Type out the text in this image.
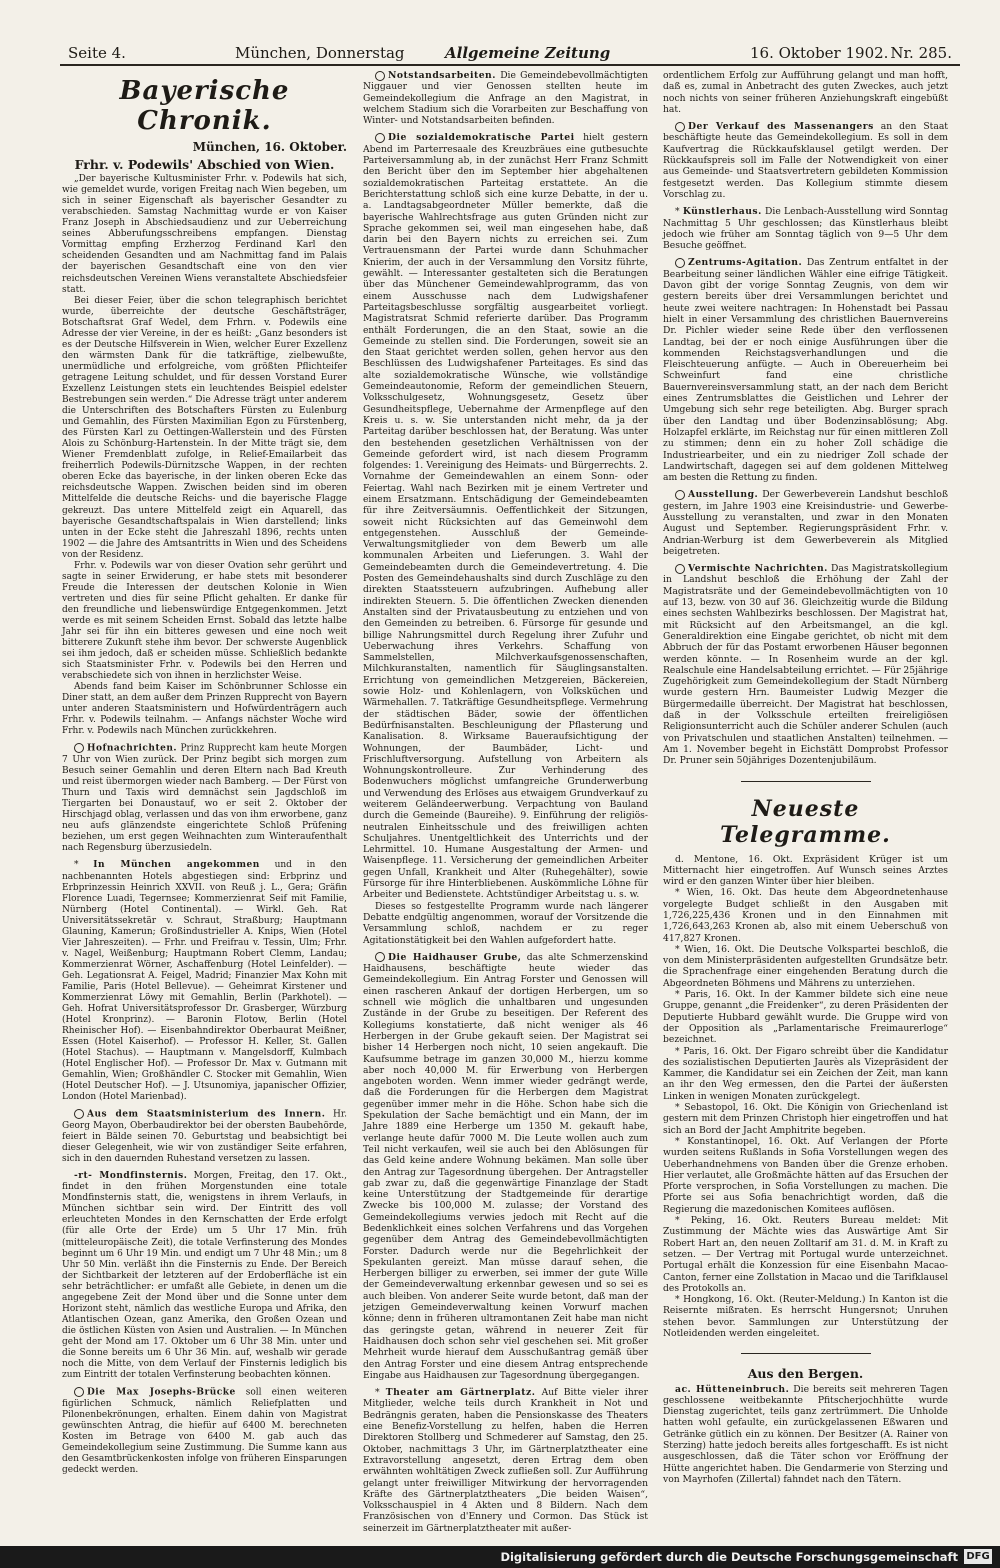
Seite 4.	München, Donnerstag	Allgemeine Zeitung	16. Oktober 1902. Nr. 285.
Bayerische Chronik.
München, 16. Oktober.
Frhr. v. Podewils' Abschied von Wien.

„Der bayerische Kultusminister Frhr. v. Podewils hat sich, wie gemeldet wurde, vorigen Freitag nach Wien begeben, um sich in seiner Eigenschaft als bayerischer Gesandter zu verabschieden. Samstag Nachmittag wurde er von Kaiser Franz Joseph in Abschiedsaudienz und zur Ueberreichung seines Abberufungsschreibens empfangen. Dienstag Vormittag empfing Erzherzog Ferdinand Karl den scheidenden Gesandten und am Nachmittag fand im Palais der bayerischen Gesandtschaft eine von den vier reichsdeutschen Vereinen Wiens veranstaltete Abschiedsfeier statt.

Bei dieser Feier, über die schon telegraphisch berichtet wurde, überreichte der deutsche Geschäftsträger, Botschaftsrat Graf Wedel, dem Frhrn. v. Podewils eine Adresse der vier Vereine, in der es heißt: „Ganz besonders ist es der Deutsche Hilfsverein in Wien, welcher Eurer Exzellenz den wärmsten Dank für die tatkräftige, zielbewußte, unermüdliche und erfolgreiche, vom größten Pflichteifer getragene Leitung schuldet, und für dessen Vorstand Eurer Exzellenz Leistungen stets ein leuchtendes Beispiel edelster Bestrebungen sein werden.“ Die Adresse trägt unter anderem die Unterschriften des Botschafters Fürsten zu Eulenburg und Gemahlin, des Fürsten Maximilian Egon zu Fürstenberg, des Fürsten Karl zu Oettingen-Wallerstein und des Fürsten Alois zu Schönburg-Hartenstein. In der Mitte trägt sie, dem Wiener Fremdenblatt zufolge, in Relief-Emailarbeit das freiherrlich Podewils-Dürnitzsche Wappen, in der rechten oberen Ecke das bayerische, in der linken oberen Ecke das reichsdeutsche Wappen. Zwischen beiden sind im oberen Mittelfelde die deutsche Reichs- und die bayerische Flagge gekreuzt. Das untere Mittelfeld zeigt ein Aquarell, das bayerische Gesandtschaftspalais in Wien darstellend; links unten in der Ecke steht die Jahreszahl 1896, rechts unten 1902 — die Jahre des Amtsantritts in Wien und des Scheidens von der Residenz.

Frhr. v. Podewils war von dieser Ovation sehr gerührt und sagte in seiner Erwiderung, er habe stets mit besonderer Freude die Interessen der deutschen Kolonie in Wien vertreten und dies für seine Pflicht gehalten. Er danke für den freundliche und liebenswürdige Entgegenkommen. Jetzt werde es mit seinem Scheiden Ernst. Sobald das letzte halbe Jahr sei für ihn ein bitteres gewesen und eine noch weit bitterere Zukunft stehe ihm bevor. Der schwerste Augenblick sei ihm jedoch, daß er scheiden müsse. Schließlich bedankte sich Staatsminister Frhr. v. Podewils bei den Herren und verabschiedete sich von ihnen in herzlichster Weise.

Abends fand beim Kaiser im Schönbrunner Schlosse ein Diner statt, an dem außer dem Prinzen Rupprecht von Bayern unter anderen Staatsministern und Hofwürdenträgern auch Frhr. v. Podewils teilnahm. — Anfangs nächster Woche wird Frhr. v. Podewils nach München zurückkehren.

Hofnachrichten. Prinz Rupprecht kam heute Morgen 7 Uhr von Wien zurück. Der Prinz begibt sich morgen zum Besuch seiner Gemahlin und deren Eltern nach Bad Kreuth und reist übermorgen wieder nach Bamberg. — Der Fürst von Thurn und Taxis wird demnächst sein Jagdschloß im Tiergarten bei Donaustauf, wo er seit 2. Oktober der Hirschjagd oblag, verlassen und das von ihm erworbene, ganz neu aufs glänzendste eingerichtete Schloß Prüfening beziehen, um erst gegen Weihnachten zum Winteraufenthalt nach Regensburg überzusiedeln.

* In München angekommen und in den nachbenannten Hotels abgestiegen sind: Erbprinz und Erbprinzessin Heinrich XXVII. von Reuß j. L., Gera; Gräfin Florence Luadi, Tegernsee; Kommerzienrat Seif mit Familie, Nürnberg (Hotel Continental). — Wirkl. Geh. Rat Universitätssekretär v. Schraut, Straßburg; Hauptmann Glauning, Kamerun; Großindustrieller A. Knips, Wien (Hotel Vier Jahreszeiten). — Frhr. und Freifrau v. Tessin, Ulm; Frhr. v. Nagel, Weißenburg; Hauptmann Robert Clemm, Landau; Kommerzienrat Wörner, Aschaffenburg (Hotel Leinfelder). — Geh. Legationsrat A. Feigel, Madrid; Finanzier Max Kohn mit Familie, Paris (Hotel Bellevue). — Geheimrat Kirstener und Kommerzienrat Löwy mit Gemahlin, Berlin (Parkhotel). — Geh. Hofrat Universitätsprofessor Dr. Grasberger, Würzburg (Hotel Kronprinz). — Baronin Flotow, Berlin (Hotel Rheinischer Hof). — Eisenbahndirektor Oberbaurat Meißner, Essen (Hotel Kaiserhof). — Professor H. Keller, St. Gallen (Hotel Stachus). — Hauptmann v. Mangelsdorff, Kulmbach (Hotel Englischer Hof). — Professor Dr. Max v. Gutmann mit Gemahlin, Wien; Großhändler C. Stocker mit Gemahlin, Wien (Hotel Deutscher Hof). — J. Utsunomiya, japanischer Offizier, London (Hotel Marienbad).

Aus dem Staatsministerium des Innern. Hr. Georg Mayon, Oberbaudirektor bei der obersten Baubehörde, feiert in Bälde seinen 70. Geburtstag und beabsichtigt bei dieser Gelegenheit, wie wir von zuständiger Seite erfahren, sich in den dauernden Ruhestand versetzen zu lassen.

-rt- Mondfinsternis. Morgen, Freitag, den 17. Okt., findet in den frühen Morgenstunden eine totale Mondfinsternis statt, die, wenigstens in ihrem Verlaufs, in München sichtbar sein wird. Der Eintritt des voll erleuchteten Mondes in den Kernschatten der Erde erfolgt (für alle Orte der Erde) um 5 Uhr 17 Min. früh (mitteleuropäische Zeit), die totale Verfinsterung des Mondes beginnt um 6 Uhr 19 Min. und endigt um 7 Uhr 48 Min.; um 8 Uhr 50 Min. verläßt ihn die Finsternis zu Ende. Der Bereich der Sichtbarkeit der letzteren auf der Erdoberfläche ist ein sehr beträchtlicher: er umfaßt alle Gebiete, in denen um die angegebene Zeit der Mond über und die Sonne unter dem Horizont steht, nämlich das westliche Europa und Afrika, den Atlantischen Ozean, ganz Amerika, den Großen Ozean und die östlichen Küsten von Asien und Australien. — In München geht der Mond am 17. Oktober um 6 Uhr 38 Min. unter und die Sonne bereits um 6 Uhr 36 Min. auf, weshalb wir gerade noch die Mitte, von dem Verlauf der Finsternis lediglich bis zum Eintritt der totalen Verfinsterung beobachten können.

Die Max Josephs-Brücke soll einen weiteren figürlichen Schmuck, nämlich Reliefplatten und Pilonenbekrönungen, erhalten. Einem dahin von Magistrat gewünschten Antrag, die hiefür auf 6400 M. berechneten Kosten im Betrage von 6400 M. gab auch das Gemeindekollegium seine Zustimmung. Die Summe kann aus den Gesamtbrückenkosten infolge von früheren Einsparungen gedeckt werden.

Notstandsarbeiten. Die Gemeindebevollmächtigten Niggauer und vier Genossen stellten heute im Gemeindekollegium die Anfrage an den Magistrat, in welchem Stadium sich die Vorarbeiten zur Beschaffung von Winter- und Notstandsarbeiten befinden.

Die sozialdemokratische Partei hielt gestern Abend im Parterresaale des Kreuzbräues eine gutbesuchte Parteiversammlung ab, in der zunächst Herr Franz Schmitt den Bericht über den im September hier abgehaltenen sozialdemokratischen Parteitag erstattete. An die Berichterstattung schloß sich eine kurze Debatte, in der u. a. Landtagsabgeordneter Müller bemerkte, daß die bayerische Wahlrechtsfrage aus guten Gründen nicht zur Sprache gekommen sei, weil man eingesehen habe, daß darin bei den Bayern nichts zu erreichen sei. Zum Vertrauensmann der Partei wurde dann Schuhmacher Knierim, der auch in der Versammlung den Vorsitz führte, gewählt. — Interessanter gestalteten sich die Beratungen über das Münchener Gemeindewahlprogramm, das von einem Ausschusse nach dem Ludwigshafener Parteitagsbeschlusse sorgfältig ausgearbeitet vorliegt. Magistratsrat Schmid referierte darüber. Das Programm enthält Forderungen, die an den Staat, sowie an die Gemeinde zu stellen sind. Die Forderungen, soweit sie an den Staat gerichtet werden sollen, gehen hervor aus den Beschlüssen des Ludwigshafener Parteitages. Es sind das alte sozialdemokratische Wünsche, wie vollständige Gemeindeautonomie, Reform der gemeindlichen Steuern, Volksschulgesetz, Wohnungsgesetz, Gesetz über Gesundheitspflege, Uebernahme der Armenpflege auf den Kreis u. s. w. Sie unterstanden nicht mehr, da ja der Parteitag darüber beschlossen hat, der Beratung. Was unter den bestehenden gesetzlichen Verhältnissen von der Gemeinde gefordert wird, ist nach diesem Programm folgendes: 1. Vereinigung des Heimats- und Bürgerrechts. 2. Vornahme der Gemeindewahlen an einem Sonn- oder Feiertag. Wahl nach Bezirken mit je einem Vertreter und einem Ersatzmann. Entschädigung der Gemeindebeamten für ihre Zeitversäumnis. Oeffentlichkeit der Sitzungen, soweit nicht Rücksichten auf das Gemeinwohl dem entgegenstehen. Ausschluß der Gemeinde-Verwaltungsmitglieder von dem Bewerb um alle kommunalen Arbeiten und Lieferungen. 3. Wahl der Gemeindebeamten durch die Gemeindevertretung. 4. Die Posten des Gemeindehaushalts sind durch Zuschläge zu den direkten Staatssteuern aufzubringen. Aufhebung aller indirekten Steuern. 5. Die öffentlichen Zwecken dienenden Anstalten sind der Privatausbeutung zu entziehen und von den Gemeinden zu betreiben. 6. Fürsorge für gesunde und billige Nahrungsmittel durch Regelung ihrer Zufuhr und Ueberwachung ihres Verkehrs. Schaffung von Sammelstellen, Milchverkaufsgenossenschaften, Milchkuranstalten, namentlich für Säuglingsanstalten. Errichtung von gemeindlichen Metzgereien, Bäckereien, sowie Holz- und Kohlenlagern, von Volksküchen und Wärmehallen. 7. Tatkräftige Gesundheitspflege. Vermehrung der städtischen Bäder, sowie der öffentlichen Bedürfnisanstalten. Beschleunigung der Pflasterung und Kanalisation. 8. Wirksame Baueraufsichtigung der Wohnungen, der Baumbäder, Licht- und Frischluftversorgung. Aufstellung von Arbeitern als Wohnungskontrolleure. Zur Verhinderung des Bodenwuchers möglichst umfangreiche Grunderwerbung und Verwendung des Erlöses aus etwaigem Grundverkauf zu weiterem Geländeerwerbung. Verpachtung von Bauland durch die Gemeinde (Baureihe). 9. Einführung der religiös-neutralen Einheitsschule und des freiwilligen achten Schuljahres. Unentgeltlichkeit des Unterrichts und der Lehrmittel. 10. Humane Ausgestaltung der Armen- und Waisenpflege. 11. Versicherung der gemeindlichen Arbeiter gegen Unfall, Krankheit und Alter (Ruhegehälter), sowie Fürsorge für ihre Hinterbliebenen. Auskömmliche Löhne für Arbeiter und Bedienstete. Achtstündiger Arbeitstag u. s. w.

Dieses so festgestellte Programm wurde nach längerer Debatte endgültig angenommen, worauf der Vorsitzende die Versammlung schloß, nachdem er zu reger Agitationstätigkeit bei den Wahlen aufgefordert hatte.

Die Haidhauser Grube, das alte Schmerzenskind Haidhausens, beschäftigte heute wieder das Gemeindekollegium. Ein Antrag Forster und Genossen will einen rascheren Ankauf der dortigen Herbergen, um so schnell wie möglich die unhaltbaren und ungesunden Zustände in der Grube zu beseitigen. Der Referent des Kollegiums konstatierte, daß nicht weniger als 46 Herbergen in der Grube gekauft seien. Der Magistrat sei bisher 14 Herbergen noch nicht, 10 seien angekauft. Die Kaufsumme betrage im ganzen 30,000 M., hierzu komme aber noch 40,000 M. für Erwerbung von Herbergen angeboten worden. Wenn immer wieder gedrängt werde, daß die Forderungen für die Herbergen dem Magistrat gegenüber immer mehr in die Höhe. Schon habe sich die Spekulation der Sache bemächtigt und ein Mann, der im Jahre 1889 eine Herberge um 1350 M. gekauft habe, verlange heute dafür 7000 M. Die Leute wollen auch zum Teil nicht verkaufen, weil sie auch bei den Ablösungen für das Geld keine andere Wohnung bekämen. Man solle über den Antrag zur Tagesordnung übergehen. Der Antragsteller gab zwar zu, daß die gegenwärtige Finanzlage der Stadt keine Unterstützung der Stadtgemeinde für derartige Zwecke bis 100,000 M. zulasse; der Vorstand des Gemeindekollegiums verwies jedoch mit Recht auf die Bedenklichkeit eines solchen Verfahrens und das Vorgehen gegenüber dem Antrag des Gemeindebevollmächtigten Forster. Dadurch werde nur die Begehrlichkeit der Spekulanten gereizt. Man müsse darauf sehen, die Herbergen billiger zu erwerben, sei immer der gute Wille der Gemeindeverwaltung erkennbar gewesen und so sei es auch bleiben. Von anderer Seite wurde betont, daß man der jetzigen Gemeindeverwaltung keinen Vorwurf machen könne; denn in früheren ultramontanen Zeit habe man nicht das geringste getan, während in neuerer Zeit für Haidhausen doch schon sehr viel geschehen sei. Mit großer Mehrheit wurde hierauf dem Ausschußantrag gemäß über den Antrag Forster und eine diesem Antrag entsprechende Eingabe aus Haidhausen zur Tagesordnung übergegangen.

* Theater am Gärtnerplatz. Auf Bitte vieler ihrer Mitglieder, welche teils durch Krankheit in Not und Bedrängnis geraten, haben die Pensionskasse des Theaters eine Benefiz-Vorstellung zu helfen, haben die Herren Direktoren Stollberg und Schmederer auf Samstag, den 25. Oktober, nachmittags 3 Uhr, im Gärtnerplatztheater eine Extravorstellung angesetzt, deren Ertrag dem oben erwähnten wohltätigen Zweck zufließen soll. Zur Aufführung gelangt unter freiwilliger Mitwirkung der hervorragenden Kräfte des Gärtnerplatztheaters „Die beiden Waisen“, Volksschauspiel in 4 Akten und 8 Bildern. Nach dem Französischen von d'Ennery und Cormon. Das Stück ist seinerzeit im Gärtnerplatztheater mit außer-

ordentlichem Erfolg zur Aufführung gelangt und man hofft, daß es, zumal in Anbetracht des guten Zweckes, auch jetzt noch nichts von seiner früheren Anziehungskraft eingebüßt hat.

Der Verkauf des Massenangers an den Staat beschäftigte heute das Gemeindekollegium. Es soll in dem Kaufvertrag die Rückkaufsklausel getilgt werden. Der Rückkaufspreis soll im Falle der Notwendigkeit von einer aus Gemeinde- und Staatsvertretern gebildeten Kommission festgesetzt werden. Das Kollegium stimmte diesem Vorschlag zu.

* Künstlerhaus. Die Lenbach-Ausstellung wird Sonntag Nachmittag 5 Uhr geschlossen; das Künstlerhaus bleibt jedoch wie früher am Sonntag täglich von 9—5 Uhr dem Besuche geöffnet.

Zentrums-Agitation. Das Zentrum entfaltet in der Bearbeitung seiner ländlichen Wähler eine eifrige Tätigkeit. Davon gibt der vorige Sonntag Zeugnis, von dem wir gestern bereits über drei Versammlungen berichtet und heute zwei weitere nachtragen: In Hohenstadt bei Passau hielt in einer Versammlung des christlichen Bauernvereins Dr. Pichler wieder seine Rede über den verflossenen Landtag, bei der er noch einige Ausführungen über die kommenden Reichstagsverhandlungen und die Fleischteuerung anfügte. — Auch in Obereuerheim bei Schweinfurt fand eine christliche Bauernvereinsversammlung statt, an der nach dem Bericht eines Zentrumsblattes die Geistlichen und Lehrer der Umgebung sich sehr rege beteiligten. Abg. Burger sprach über den Landtag und über Bodenzinsablösung; Abg. Holzapfel erklärte, im Reichstag nur für einen mittleren Zoll zu stimmen; denn ein zu hoher Zoll schädige die Industriearbeiter, und ein zu niedriger Zoll schade der Landwirtschaft, dagegen sei auf dem goldenen Mittelweg am besten die Rettung zu finden.

Ausstellung. Der Gewerbeverein Landshut beschloß gestern, im Jahre 1903 eine Kreisindustrie- und Gewerbe-Ausstellung zu veranstalten, und zwar in den Monaten August und September. Regierungspräsident Frhr. v. Andrian-Werburg ist dem Gewerbeverein als Mitglied beigetreten.

Vermischte Nachrichten. Das Magistratskollegium in Landshut beschloß die Erhöhung der Zahl der Magistratsräte und der Gemeindebevollmächtigten von 10 auf 13, bezw. von 30 auf 36. Gleichzeitig wurde die Bildung eines sechsten Wahlbezirks beschlossen. Der Magistrat hat, mit Rücksicht auf den Arbeitsmangel, an die kgl. Generaldirektion eine Eingabe gerichtet, ob nicht mit dem Abbruch der für das Postamt erworbenen Häuser begonnen werden könnte. — In Rosenheim wurde an der kgl. Realschule eine Handelsabteilung errichtet. — Für 25jährige Zugehörigkeit zum Gemeindekollegium der Stadt Nürnberg wurde gestern Hrn. Baumeister Ludwig Mezger die Bürgermedaille überreicht. Der Magistrat hat beschlossen, daß in der Volksschule erteilten freireligiösen Religionsunterricht auch die Schüler anderer Schulen (auch von Privatschulen und staatlichen Anstalten) teilnehmen. — Am 1. November begeht in Eichstätt Domprobst Professor Dr. Pruner sein 50jähriges Dozentenjubiläum.

Neueste Telegramme.

d. Mentone, 16. Okt. Expräsident Krüger ist um Mitternacht hier eingetroffen. Auf Wunsch seines Arztes wird er den ganzen Winter über hier bleiben.

* Wien, 16. Okt. Das heute dem Abgeordnetenhause vorgelegte Budget schließt in den Ausgaben mit 1,726,225,436 Kronen und in den Einnahmen mit 1,726,643,263 Kronen ab, also mit einem Ueberschuß von 417,827 Kronen.

* Wien, 16. Okt. Die Deutsche Volkspartei beschloß, die von dem Ministerpräsidenten aufgestellten Grundsätze betr. die Sprachenfrage einer eingehenden Beratung durch die Abgeordneten Böhmens und Mährens zu unterziehen.

* Paris, 16. Okt. In der Kammer bildete sich eine neue Gruppe, genannt „die Freidenker“, zu deren Präsidenten der Deputierte Hubbard gewählt wurde. Die Gruppe wird von der Opposition als „Parlamentarische Freimaurerloge“ bezeichnet.

* Paris, 16. Okt. Der Figaro schreibt über die Kandidatur des sozialistischen Deputierten Jaurès als Vizepräsident der Kammer, die Kandidatur sei ein Zeichen der Zeit, man kann an ihr den Weg ermessen, den die Partei der äußersten Linken in wenigen Monaten zurückgelegt.

* Sebastopol, 16. Okt. Die Königin von Griechenland ist gestern mit dem Prinzen Christoph hier eingetroffen und hat sich an Bord der Jacht Amphitrite begeben.

* Konstantinopel, 16. Okt. Auf Verlangen der Pforte wurden seitens Rußlands in Sofia Vorstellungen wegen des Ueberhandnehmens von Banden über die Grenze erhoben. Hier verlautet, alle Großmächte hätten auf das Ersuchen der Pforte versprochen, in Sofia Vorstellungen zu machen. Die Pforte sei aus Sofia benachrichtigt worden, daß die Regierung die mazedonischen Komitees auflösen.

* Peking, 16. Okt. Reuters Bureau meldet: Mit Zustimmung der Mächte wies das Auswärtige Amt Sir Robert Hart an, den neuen Zolltarif am 31. d. M. in Kraft zu setzen. — Der Vertrag mit Portugal wurde unterzeichnet. Portugal erhält die Konzession für eine Eisenbahn Macao-Canton, ferner eine Zollstation in Macao und die Tarifklausel des Protokolls an.

* Hongkong, 16. Okt. (Reuter-Meldung.) In Kanton ist die Reisernte mißraten. Es herrscht Hungersnot; Unruhen stehen bevor. Sammlungen zur Unterstützung der Notleidenden werden eingeleitet.

Aus den Bergen.

ac. Hütteneinbruch. Die bereits seit mehreren Tagen geschlossene weitbekannte Pfitscherjochhütte wurde Dienstag zugerichtet, teils ganz zertrümmert. Die Unholde hatten wohl gefaulte, ein zurückgelassenen Eßwaren und Getränke gütlich ein zu können. Der Besitzer (A. Rainer von Sterzing) hatte jedoch bereits alles fortgeschafft. Es ist nicht ausgeschlossen, daß die Täter schon vor Eröffnung der Hütte angerichtet haben. Die Gendarmerie von Sterzing und von Mayrhofen (Zillertal) fahndet nach den Tätern.

Digitalisierung gefördert durch die Deutsche Forschungsgemeinschaft DFG
